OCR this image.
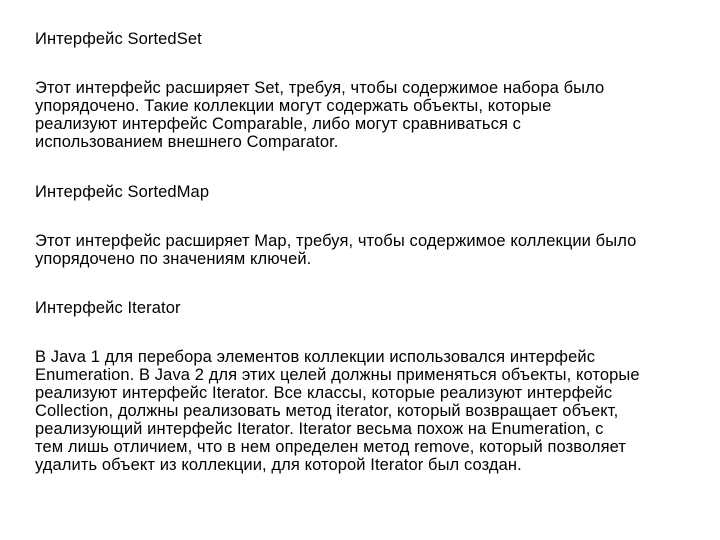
Интерфейс SortedSet

Этот интерфейс расширяет Set, требуя, чтобы содержимое набора было
упорядочено. Такие коллекции могут содержать объекты, которые
реализуют интерфейс Comparable, либо могут сравниваться с
использованием внешнего Comparator.

Интерфейс SortedMap

Этот интерфейс расширяет Map, требуя, чтобы содержимое коллекции было
упорядочено по значениям ключей.

Интерфейс Iterator

В Java 1 для перебора элементов коллекции использовался интерфейс
Enumeration. В Java 2 для этих целей должны применяться объекты, которые
реализуют интерфейс Iterator. Все классы, которые реализуют интерфейс
Collection, должны реализовать метод iterator, который возвращает объект,
реализующий интерфейс Iterator. Iterator весьма похож на Enumeration, с
тем лишь отличием, что в нем определен метод remove, который позволяет
удалить объект из коллекции, для которой Iterator был создан.
